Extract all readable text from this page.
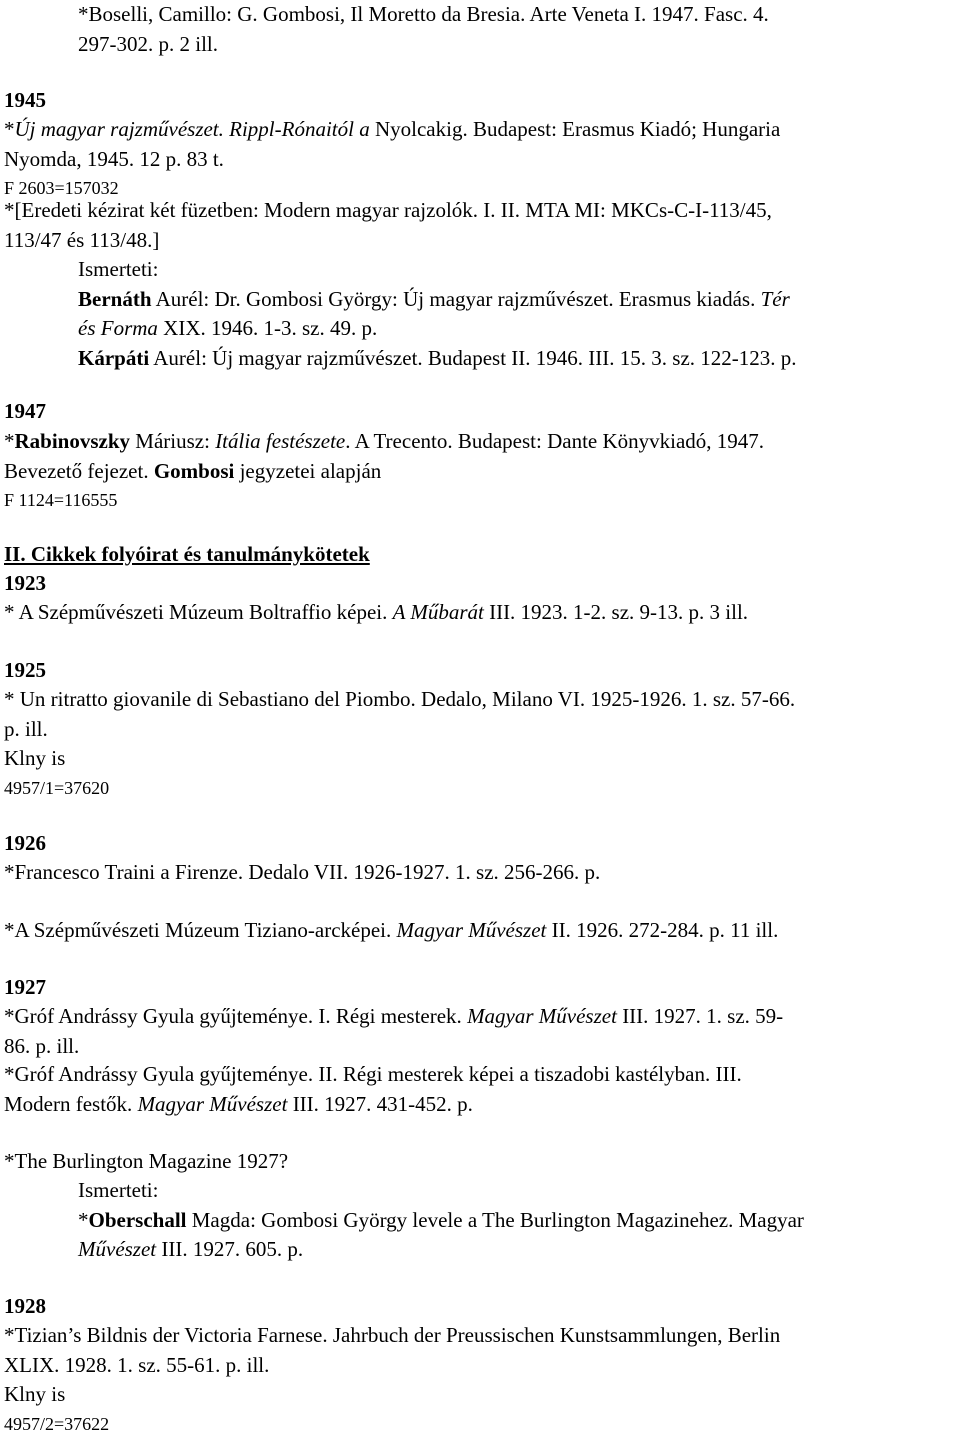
*Boselli, Camillo: G. Gombosi, Il Moretto da Bresia. Arte Veneta I. 1947. Fasc. 4.
297-302. p. 2 ill.
1945
*Új magyar rajzművészet. Rippl-Rónaitól a Nyolcakig. Budapest: Erasmus Kiadó; Hungaria
Nyomda, 1945. 12 p. 83 t.
F 2603=157032
*[Eredeti kézirat két füzetben: Modern magyar rajzolók. I. II. MTA MI: MKCs-C-I-113/45,
113/47 és 113/48.]
Ismerteti:
Bernáth Aurél: Dr. Gombosi György: Új magyar rajzművészet. Erasmus kiadás. Tér
és Forma XIX. 1946. 1-3. sz. 49. p.
Kárpáti Aurél: Új magyar rajzművészet. Budapest II. 1946. III. 15. 3. sz. 122-123. p.
1947
*Rabinovszky Máriusz: Itália festészete. A Trecento. Budapest: Dante Könyvkiadó, 1947.
Bevezető fejezet. Gombosi jegyzetei alapján
F 1124=116555
II. Cikkek folyóirat és tanulmánykötetek
1923
* A Szépművészeti Múzeum Boltraffio képei. A Műbarát III. 1923. 1-2. sz. 9-13. p. 3 ill.
1925
* Un ritratto giovanile di Sebastiano del Piombo. Dedalo, Milano VI. 1925-1926. 1. sz. 57-66.
p. ill.
Klny is
4957/1=37620
1926
*Francesco Traini a Firenze. Dedalo VII. 1926-1927. 1. sz. 256-266. p.
*A Szépművészeti Múzeum Tiziano-arcképei. Magyar Művészet II. 1926. 272-284. p. 11 ill.
1927
*Gróf Andrássy Gyula gyűjteménye. I. Régi mesterek. Magyar Művészet III. 1927. 1. sz. 59-
86. p. ill.
*Gróf Andrássy Gyula gyűjteménye. II. Régi mesterek képei a tiszadobi kastélyban. III.
Modern festők. Magyar Művészet III. 1927. 431-452. p.
*The Burlington Magazine 1927?
Ismerteti:
*Oberschall Magda: Gombosi György levele a The Burlington Magazinehez. Magyar
Művészet III. 1927. 605. p.
1928
*Tizian’s Bildnis der Victoria Farnese. Jahrbuch der Preussischen Kunstsammlungen, Berlin
XLIX. 1928. 1. sz. 55-61. p. ill.
Klny is
4957/2=37622
